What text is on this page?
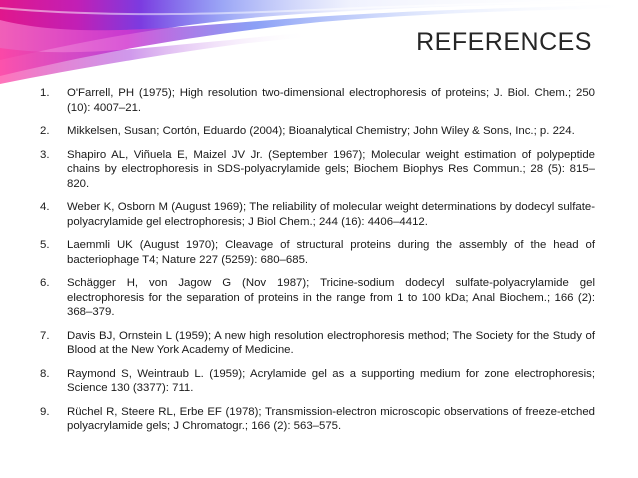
REFERENCES
1.	O'Farrell, PH (1975); High resolution two-dimensional electrophoresis of proteins; J. Biol. Chem.; 250 (10): 4007–21.
2.	Mikkelsen, Susan; Cortón, Eduardo (2004); Bioanalytical Chemistry; John Wiley & Sons, Inc.; p. 224.
3.	Shapiro AL, Viñuela E, Maizel JV Jr. (September 1967); Molecular weight estimation of polypeptide chains by electrophoresis in SDS-polyacrylamide gels; Biochem Biophys Res Commun.; 28 (5): 815–820.
4.	Weber K, Osborn M (August 1969); The reliability of molecular weight determinations by dodecyl sulfate-polyacrylamide gel electrophoresis; J Biol Chem.; 244 (16): 4406–4412.
5.	Laemmli UK (August 1970); Cleavage of structural proteins during the assembly of the head of bacteriophage T4; Nature 227 (5259): 680–685.
6.	Schägger H, von Jagow G (Nov 1987); Tricine-sodium dodecyl sulfate-polyacrylamide gel electrophoresis for the separation of proteins in the range from 1 to 100 kDa; Anal Biochem.; 166 (2): 368–379.
7.	Davis BJ, Ornstein L (1959); A new high resolution electrophoresis method; The Society for the Study of Blood at the New York Academy of Medicine.
8.	Raymond S, Weintraub L. (1959); Acrylamide gel as a supporting medium for zone electrophoresis; Science 130 (3377): 711.
9.	Rüchel R, Steere RL, Erbe EF (1978); Transmission-electron microscopic observations of freeze-etched polyacrylamide gels; J Chromatogr.; 166 (2): 563–575.
